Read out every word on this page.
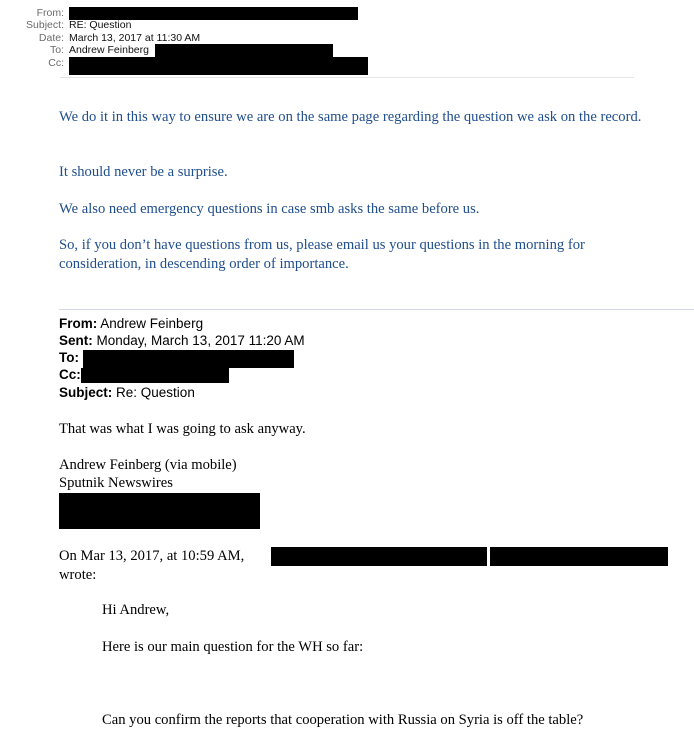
From:
Subject: RE: Question
Date: March 13, 2017 at 11:30 AM
To: Andrew Feinberg
Cc:
We do it in this way to ensure we are on the same page regarding the question we ask on the record.
It should never be a surprise.
We also need emergency questions in case smb asks the same before us.
So, if you don’t have questions from us, please email us your questions in the morning for consideration, in descending order of importance.
From: Andrew Feinberg
Sent: Monday, March 13, 2017 11:20 AM
To:
Cc:
Subject: Re: Question
That was what I was going to ask anyway.
Andrew Feinberg (via mobile)
Sputnik Newswires
On Mar 13, 2017, at 10:59 AM,
wrote:
Hi Andrew,
Here is our main question for the WH so far:
Can you confirm the reports that cooperation with Russia on Syria is off the table?
